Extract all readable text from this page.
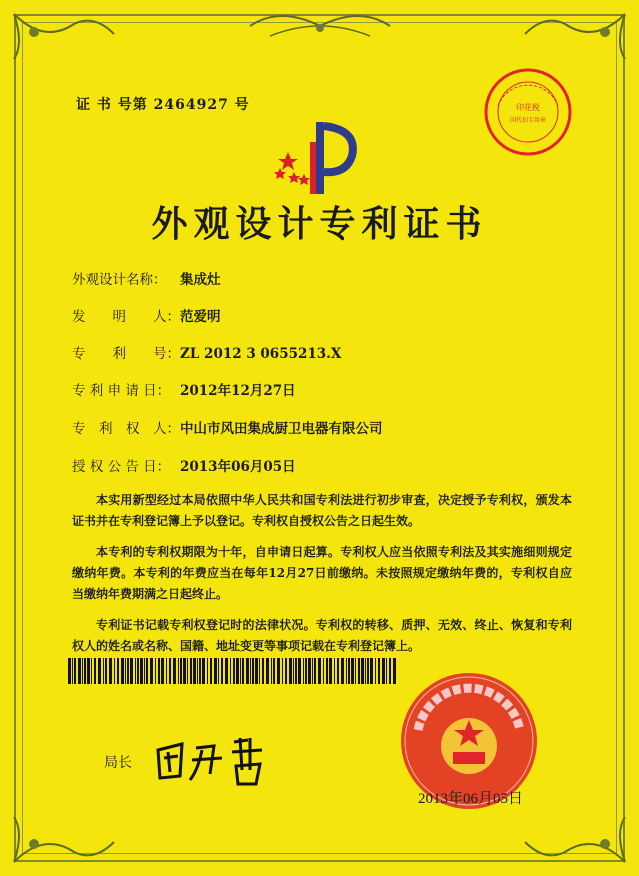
证 书 号第 2464927 号	印花税
国代扣专用章
外观设计专利证书
外观设计名称： 集成灶
发　　明　　人：范爱明
专　　利　　号：ZL 2012 3 0655213.X
专 利 申 请 日： 2012年12月27日
专　利　权　人：中山市风田集成厨卫电器有限公司
授 权 公 告 日： 2013年06月05日

本实用新型经过本局依照中华人民共和国专利法进行初步审查，决定授予专利权，颁发本证书并在专利登记簿上予以登记。专利权自授权公告之日起生效。

本专利的专利权期限为十年，自申请日起算。专利权人应当依照专利法及其实施细则规定缴纳年费。本专利的年费应当在每年12月27日前缴纳。未按照规定缴纳年费的，专利权自应当缴纳年费期满之日起终止。

专利证书记载专利权登记时的法律状况。专利权的转移、质押、无效、终止、恢复和专利权人的姓名或名称、国籍、地址变更等事项记载在专利登记簿上。

局长
2013年06月05日
